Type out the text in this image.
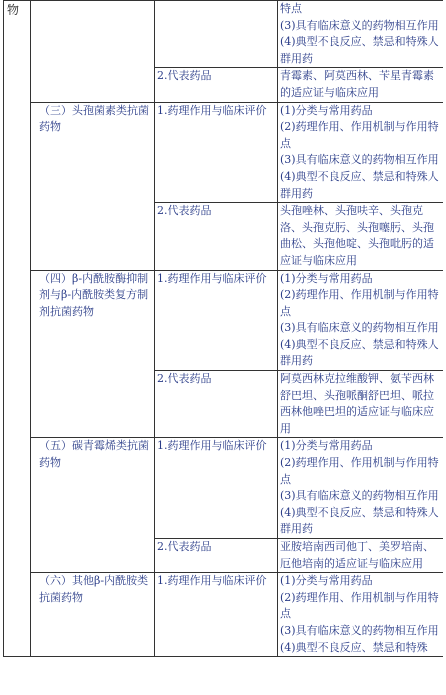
物			特点
(3)具有临床意义的药物相互作用
(4)典型不良反应、禁忌和特殊人群用药

		2.代表药品	青霉素、阿莫西林、苄星青霉素的适应证与临床应用

	（三）头孢菌素类抗菌药物	1.药理作用与临床评价	(1)分类与常用药品
(2)药理作用、作用机制与作用特点
(3)具有临床意义的药物相互作用
(4)典型不良反应、禁忌和特殊人群用药

		2.代表药品	头孢唑林、头孢呋辛、头孢克洛、头孢克肟、头孢噻肟、头孢曲松、头孢他啶、头孢吡肟的适应证与临床应用

	（四）β-内酰胺酶抑制剂与β-内酰胺类复方制剂抗菌药物	1.药理作用与临床评价	(1)分类与常用药品
(2)药理作用、作用机制与作用特点
(3)具有临床意义的药物相互作用
(4)典型不良反应、禁忌和特殊人群用药

		2.代表药品	阿莫西林克拉维酸钾、氨苄西林舒巴坦、头孢哌酮舒巴坦、哌拉西林他唑巴坦的适应证与临床应用

	（五）碳青霉烯类抗菌药物	1.药理作用与临床评价	(1)分类与常用药品
(2)药理作用、作用机制与作用特点
(3)具有临床意义的药物相互作用
(4)典型不良反应、禁忌和特殊人群用药

		2.代表药品	亚胺培南西司他丁、美罗培南、厄他培南的适应证与临床应用

	（六）其他β-内酰胺类抗菌药物	1.药理作用与临床评价	(1)分类与常用药品
(2)药理作用、作用机制与作用特点
(3)具有临床意义的药物相互作用
(4)典型不良反应、禁忌和特殊
